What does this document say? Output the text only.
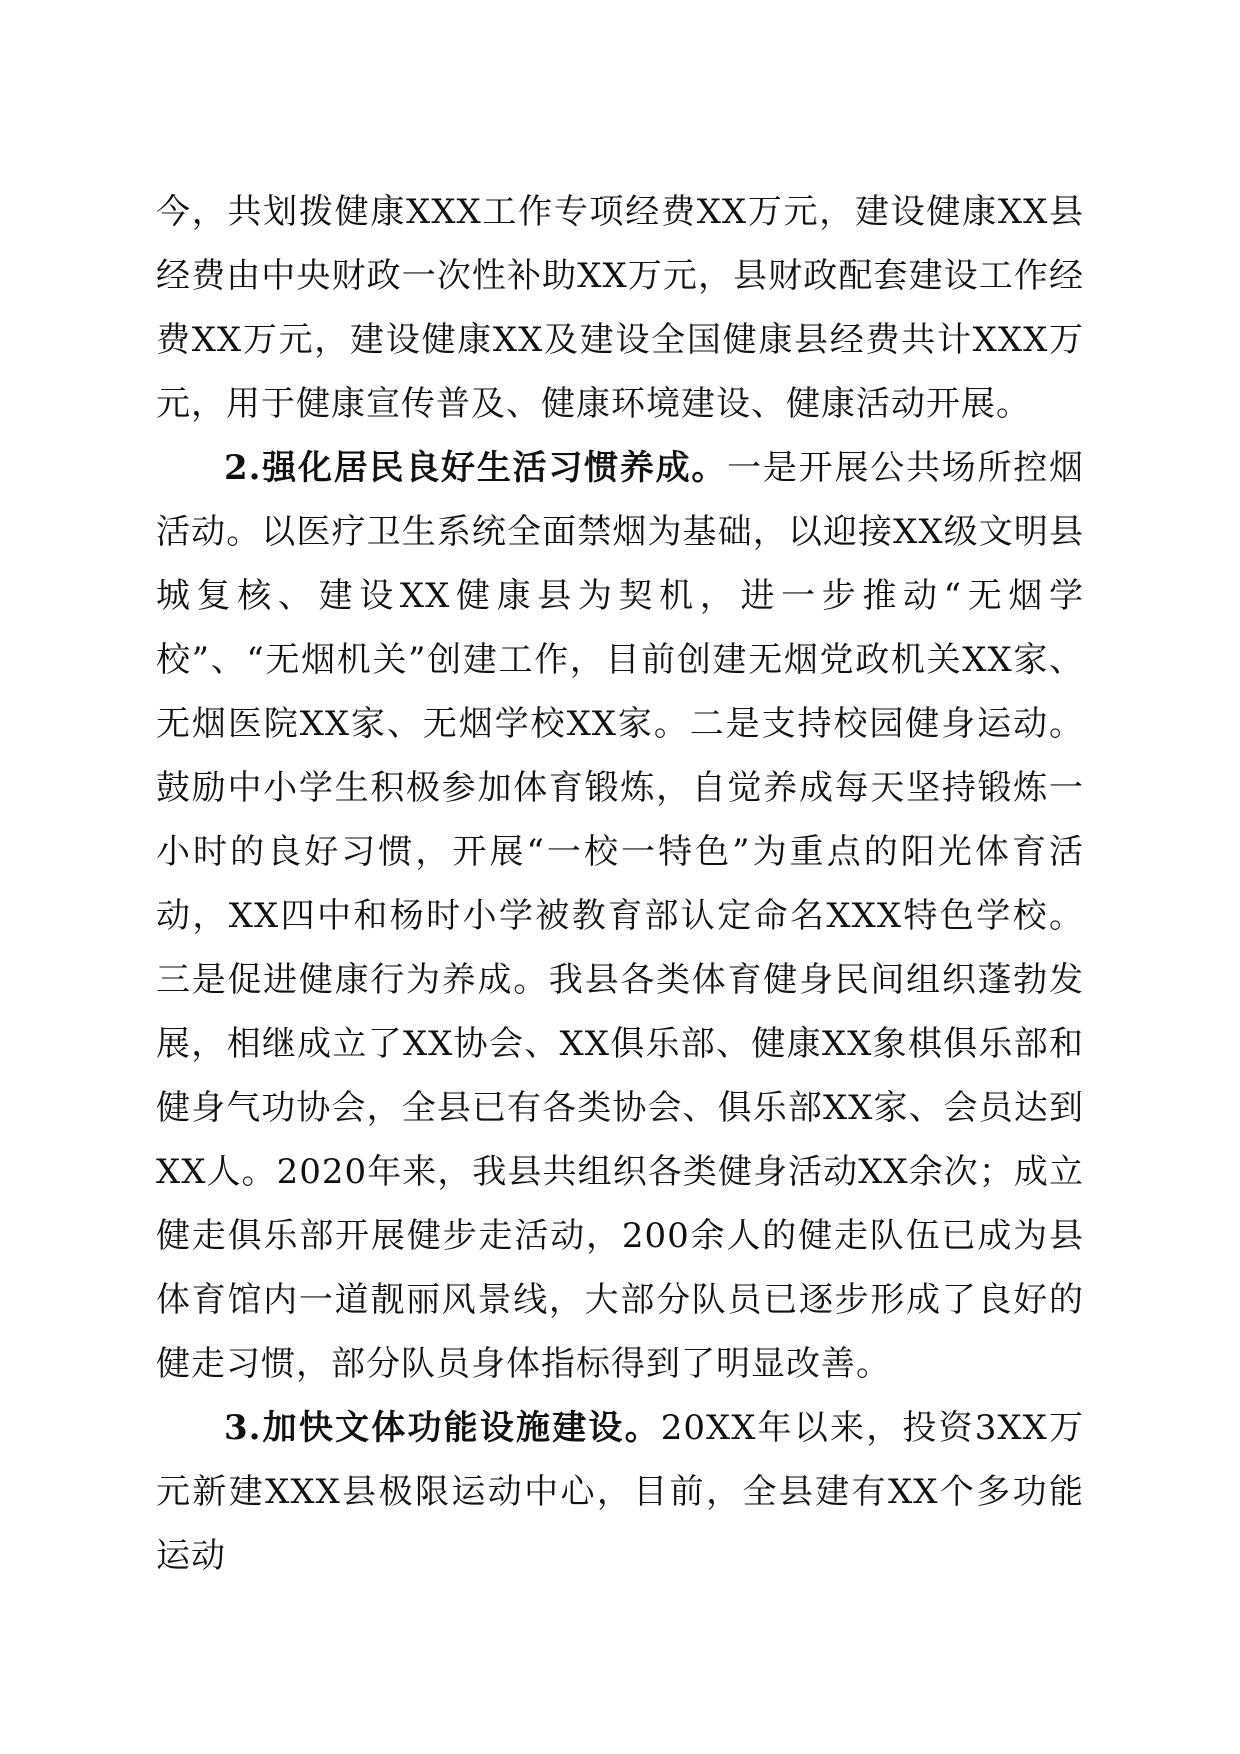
今，共划拨健康XXX工作专项经费XX万元，建设健康XX县经费由中央财政一次性补助XX万元，县财政配套建设工作经费XX万元，建设健康XX及建设全国健康县经费共计XXX万元，用于健康宣传普及、健康环境建设、健康活动开展。

2.强化居民良好生活习惯养成。一是开展公共场所控烟活动。以医疗卫生系统全面禁烟为基础，以迎接XX级文明县城复核、建设XX健康县为契机，进一步推动“无烟学校”、“无烟机关”创建工作，目前创建无烟党政机关XX家、无烟医院XX家、无烟学校XX家。二是支持校园健身运动。鼓励中小学生积极参加体育锻炼，自觉养成每天坚持锻炼一小时的良好习惯，开展“一校一特色”为重点的阳光体育活动，XX四中和杨时小学被教育部认定命名XXX特色学校。三是促进健康行为养成。我县各类体育健身民间组织蓬勃发展，相继成立了XX协会、XX俱乐部、健康XX象棋俱乐部和健身气功协会，全县已有各类协会、俱乐部XX家、会员达到XX人。2020年来，我县共组织各类健身活动XX余次；成立健走俱乐部开展健步走活动，200余人的健走队伍已成为县体育馆内一道靓丽风景线，大部分队员已逐步形成了良好的健走习惯，部分队员身体指标得到了明显改善。

3.加快文体功能设施建设。20XX年以来，投资3XX万元新建XXX县极限运动中心，目前，全县建有XX个多功能运动
